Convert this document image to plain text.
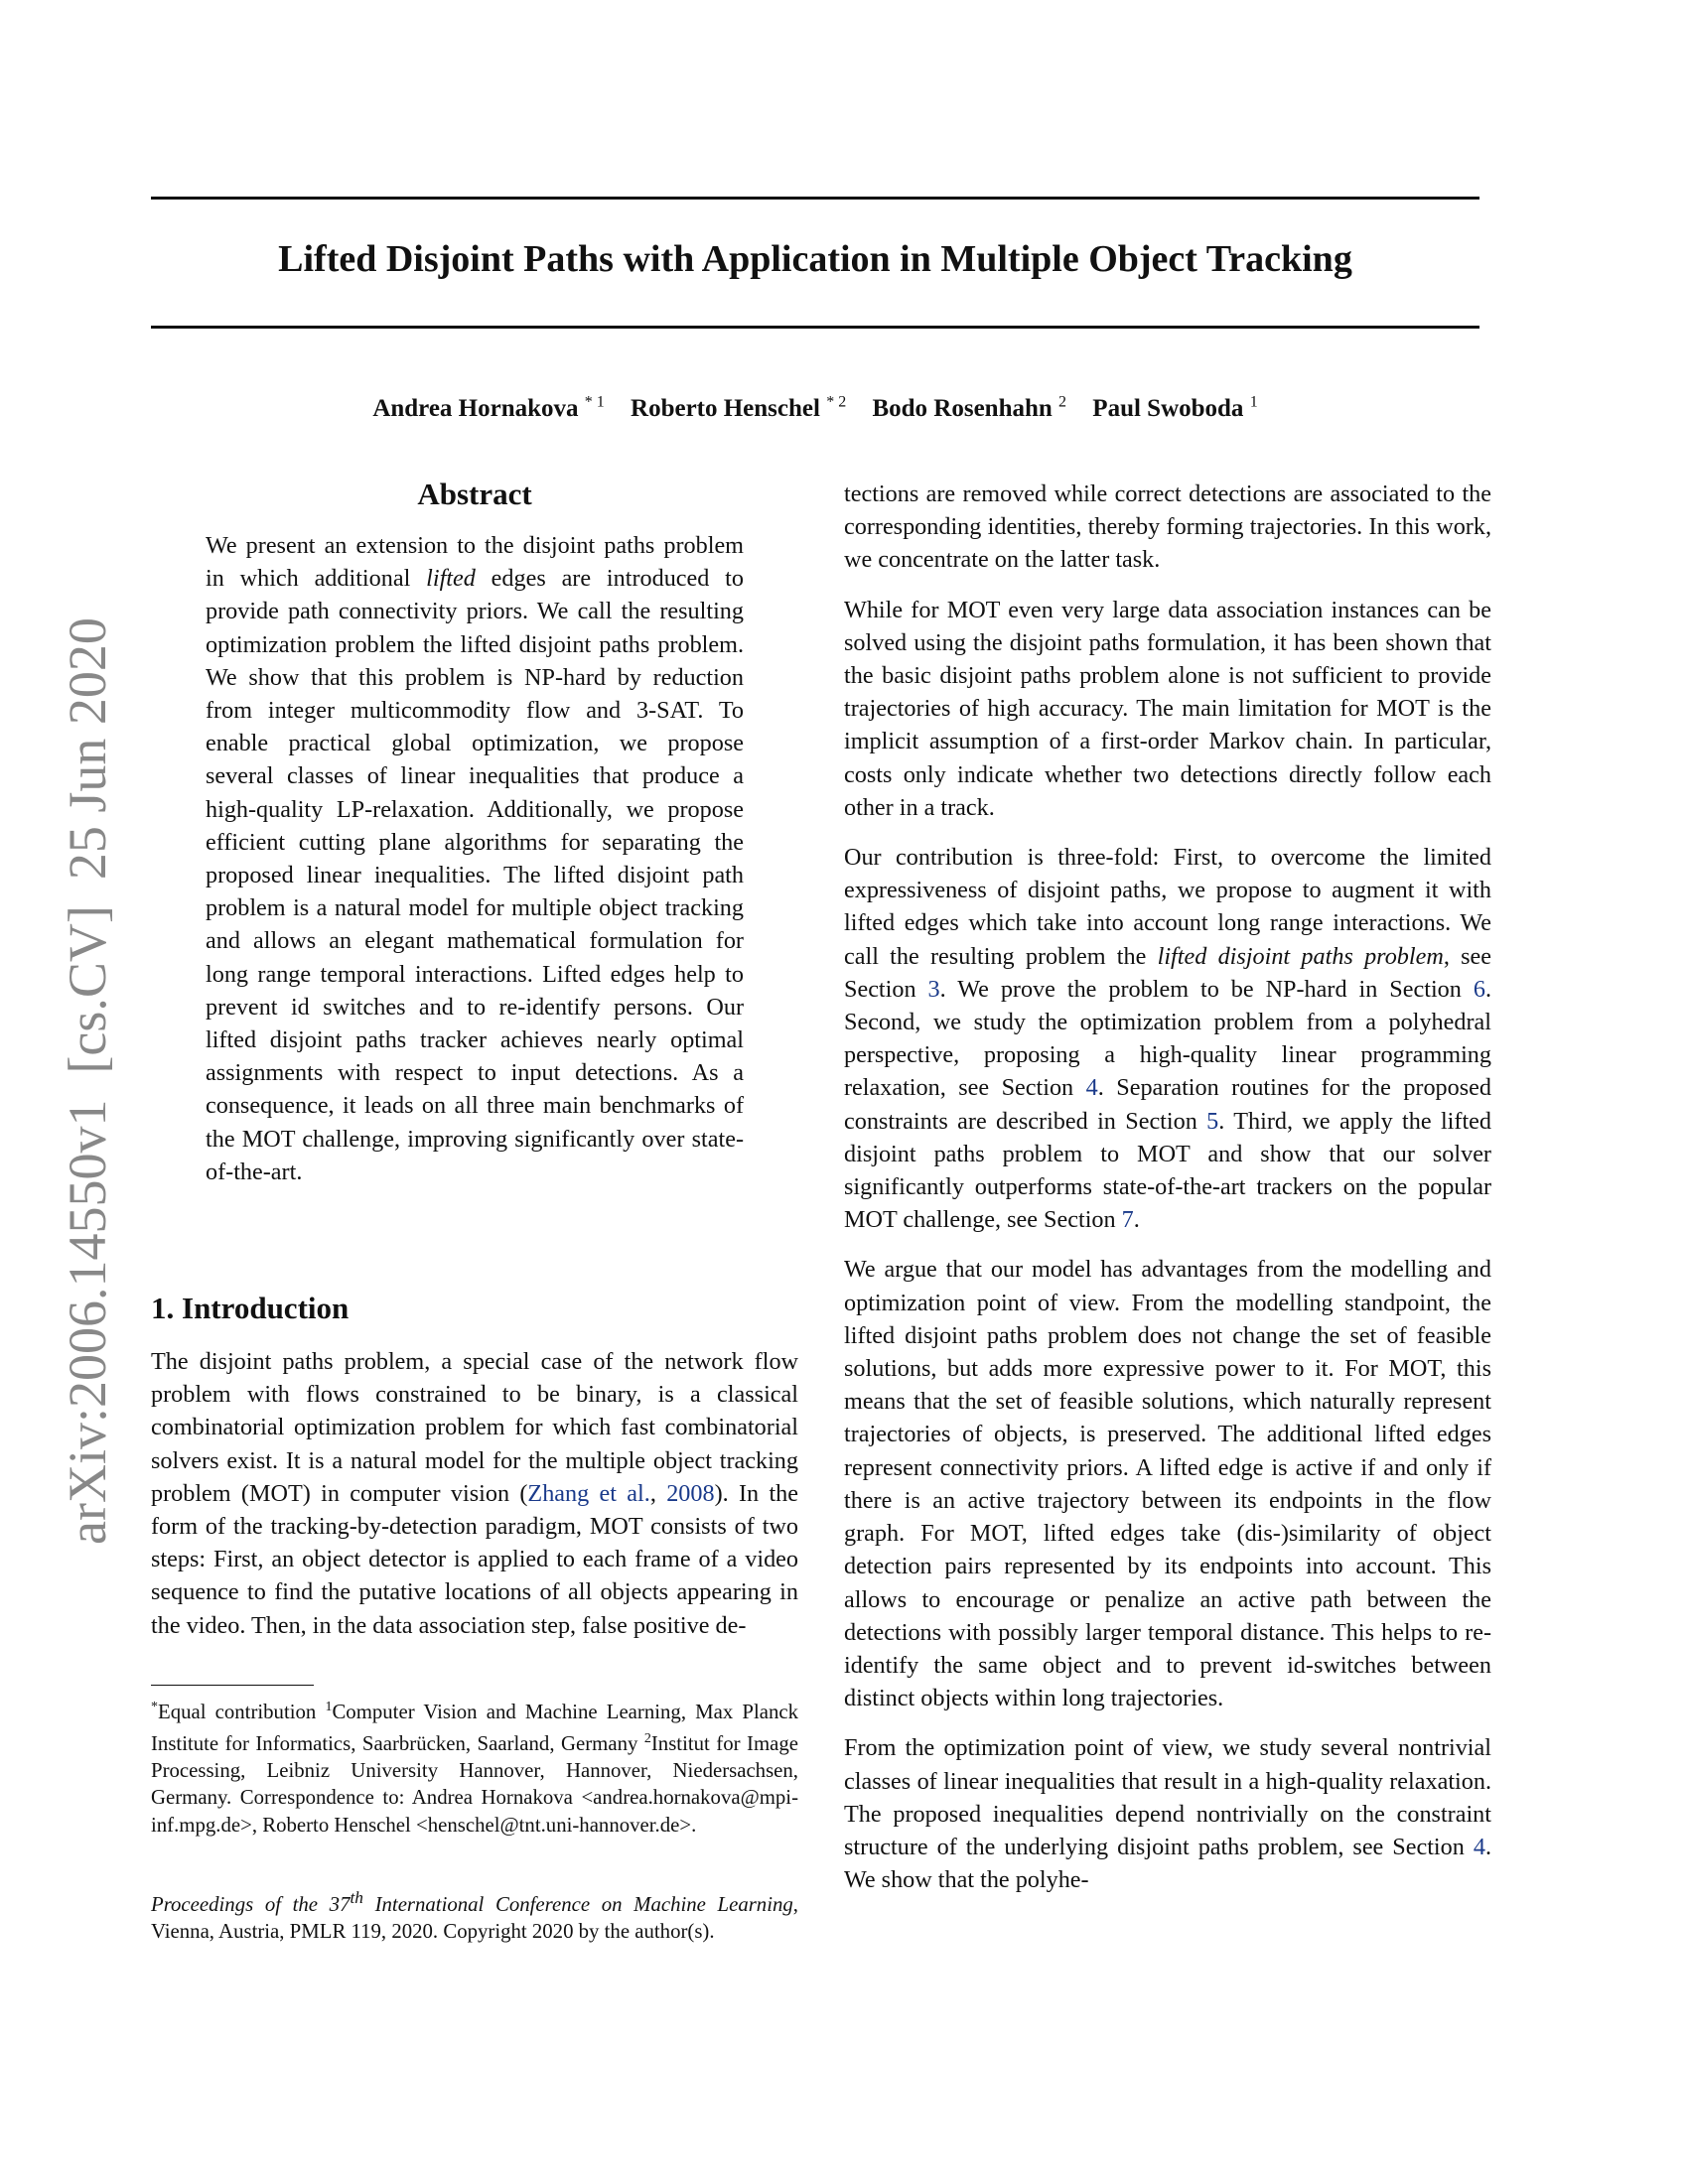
Lifted Disjoint Paths with Application in Multiple Object Tracking
Andrea Hornakova $^{* 1}$ Roberto Henschel $^{* 2}$ Bodo Rosenhahn $^2$ Paul Swoboda $^1$
arXiv:2006.14550v1[cs.CV]25 Jun 2020
Abstract
We present an extension to the disjoint paths problem in which additional lifted edges are introduced to provide path connectivity priors. We call the resulting optimization problem the lifted disjoint paths problem. We show that this problem is NP-hard by reduction from integer multicommodity flow and 3-SAT. To enable practical global optimization, we propose several classes of linear inequalities that produce a high-quality LP-relaxation. Additionally, we propose efficient cutting plane algorithms for separating the proposed linear inequalities. The lifted disjoint path problem is a natural model for multiple object tracking and allows an elegant mathematical formulation for long range temporal interactions. Lifted edges help to prevent id switches and to re-identify persons. Our lifted disjoint paths tracker achieves nearly optimal assignments with respect to input detections. As a consequence, it leads on all three main benchmarks of the MOT challenge, improving significantly over state-of-the-art.
1. Introduction
The disjoint paths problem, a special case of the network flow problem with flows constrained to be binary, is a classical combinatorial optimization problem for which fast combinatorial solvers exist. It is a natural model for the multiple object tracking problem (MOT) in computer vision (Zhang et al., 2008). In the form of the tracking-by-detection paradigm, MOT consists of two steps: First, an object detector is applied to each frame of a video sequence to find the putative locations of all objects appearing in the video. Then, in the data association step, false positive de-
*Equal contribution $^1$Computer Vision and Machine Learning, Max Planck Institute for Informatics, Saarbrücken, Saarland, Germany $^2$Institut for Image Processing, Leibniz University Hannover, Hannover, Niedersachsen, Germany. Correspondence to: Andrea Hornakova <andrea.hornakova@mpi-inf.mpg.de>, Roberto Henschel <henschel@tnt.uni-hannover.de>.
Proceedings of the 37th International Conference on Machine Learning, Vienna, Austria, PMLR 119, 2020. Copyright 2020 by the author(s).

tections are removed while correct detections are associated to the corresponding identities, thereby forming trajectories. In this work, we concentrate on the latter task.

While for MOT even very large data association instances can be solved using the disjoint paths formulation, it has been shown that the basic disjoint paths problem alone is not sufficient to provide trajectories of high accuracy. The main limitation for MOT is the implicit assumption of a first-order Markov chain. In particular, costs only indicate whether two detections directly follow each other in a track.

Our contribution is three-fold: First, to overcome the limited expressiveness of disjoint paths, we propose to augment it with lifted edges which take into account long range interactions. We call the resulting problem the lifted disjoint paths problem, see Section 3. We prove the problem to be NP-hard in Section 6. Second, we study the optimization problem from a polyhedral perspective, proposing a high-quality linear programming relaxation, see Section 4. Separation routines for the proposed constraints are described in Section 5. Third, we apply the lifted disjoint paths problem to MOT and show that our solver significantly outperforms state-of-the-art trackers on the popular MOT challenge, see Section 7.

We argue that our model has advantages from the modelling and optimization point of view. From the modelling standpoint, the lifted disjoint paths problem does not change the set of feasible solutions, but adds more expressive power to it. For MOT, this means that the set of feasible solutions, which naturally represent trajectories of objects, is preserved. The additional lifted edges represent connectivity priors. A lifted edge is active if and only if there is an active trajectory between its endpoints in the flow graph. For MOT, lifted edges take (dis-)similarity of object detection pairs represented by its endpoints into account. This allows to encourage or penalize an active path between the detections with possibly larger temporal distance. This helps to re-identify the same object and to prevent id-switches between distinct objects within long trajectories.

From the optimization point of view, we study several nontrivial classes of linear inequalities that result in a high-quality relaxation. The proposed inequalities depend nontrivially on the constraint structure of the underlying disjoint paths problem, see Section 4. We show that the polyhe-
